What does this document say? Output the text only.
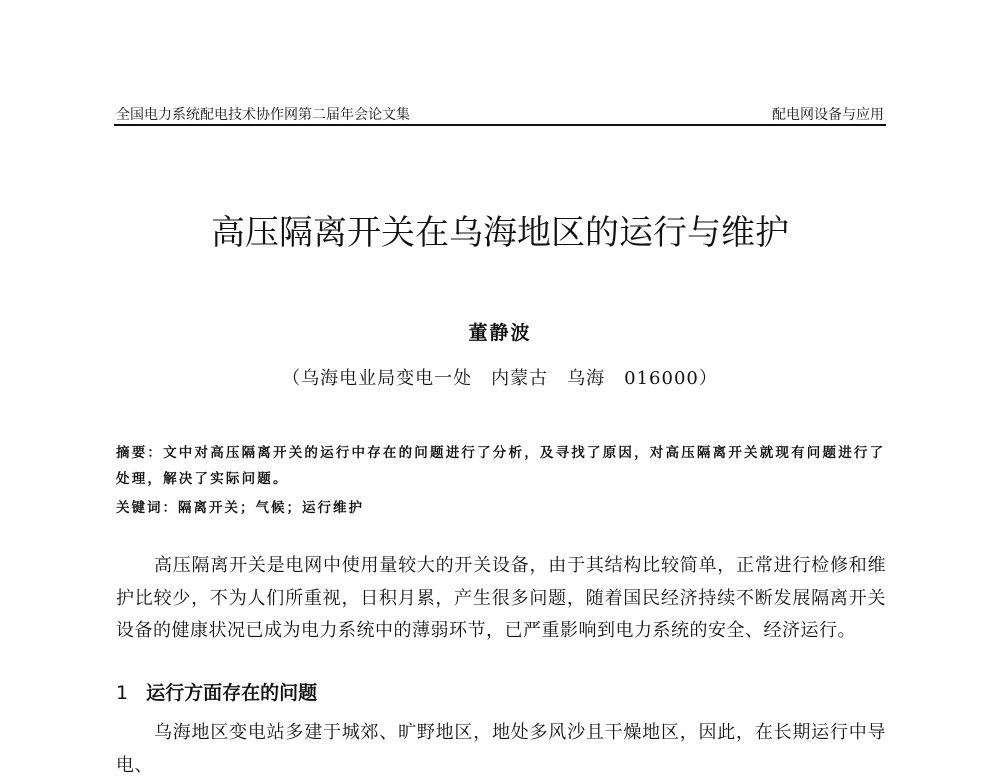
全国电力系统配电技术协作网第二届年会论文集	配电网设备与应用
高压隔离开关在乌海地区的运行与维护
董静波
（乌海电业局变电一处　内蒙古　乌海　016000）
摘要：文中对高压隔离开关的运行中存在的问题进行了分析，及寻找了原因，对高压隔离开关就现有问题进行了处理，解决了实际问题。
关键词：隔离开关；气候；运行维护
高压隔离开关是电网中使用量较大的开关设备，由于其结构比较简单，正常进行检修和维护比较少，不为人们所重视，日积月累，产生很多问题，随着国民经济持续不断发展隔离开关设备的健康状况已成为电力系统中的薄弱环节，已严重影响到电力系统的安全、经济运行。
1 运行方面存在的问题
乌海地区变电站多建于城郊、旷野地区，地处多风沙且干燥地区，因此，在长期运行中导电、
